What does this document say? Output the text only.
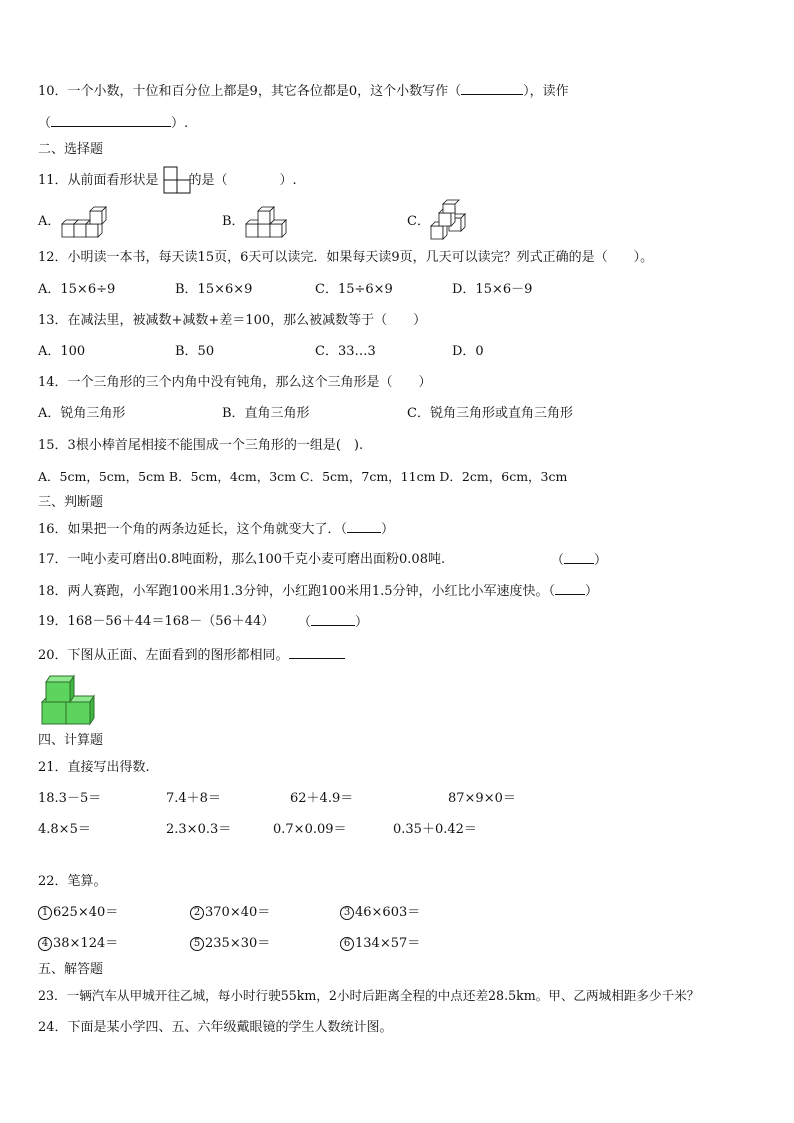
10．一个小数，十位和百分位上都是9，其它各位都是0，这个小数写作（	），读作
（	）.
二、选择题
11．从前面看形状是 的是（　　　　）.
A．	B．	C．
12．小明读一本书，每天读15页，6天可以读完．如果每天读9页，几天可以读完？列式正确的是（　　）。
A．15×6÷9	B．15×6×9	C．15÷6×9	D．15×6－9
13．在减法里，被减数+减数+差＝100，那么被减数等于（　　）
A．100	B．50	C．33…3	D．0
14．一个三角形的三个内角中没有钝角，那么这个三角形是（　　）
A．锐角三角形	B．直角三角形	C．锐角三角形或直角三角形
15．3根小棒首尾相接不能围成一个三角形的一组是(　).
A．5cm，5cm，5cm B．5cm，4cm，3cm C．5cm，7cm，11cm D．2cm，6cm，3cm
三、判断题
16．如果把一个角的两条边延长，这个角就变大了．（	）
17．一吨小麦可磨出0.8吨面粉，那么100千克小麦可磨出面粉0.08吨.	（ ）
18．两人赛跑，小军跑100米用1.3分钟，小红跑100米用1.5分钟，小红比小军速度快。（ ）
19．168－56＋44＝168－（56＋44） （	）
20．下图从正面、左面看到的图形都相同。
四、计算题
21．直接写出得数.
18.3－5＝	7.4＋8＝	62＋4.9＝	87×9×0＝
4.8×5＝	2.3×0.3＝	0.7×0.09＝	0.35＋0.42＝
22．笔算。
1 625×40＝	2 370×40＝	3 46×603＝
4 38×124＝	5 235×30＝	6 134×57＝
五、解答题
23．一辆汽车从甲城开往乙城，每小时行驶55km，2小时后距离全程的中点还差28.5km。甲、乙两城相距多少千米？
24．下面是某小学四、五、六年级戴眼镜的学生人数统计图。
